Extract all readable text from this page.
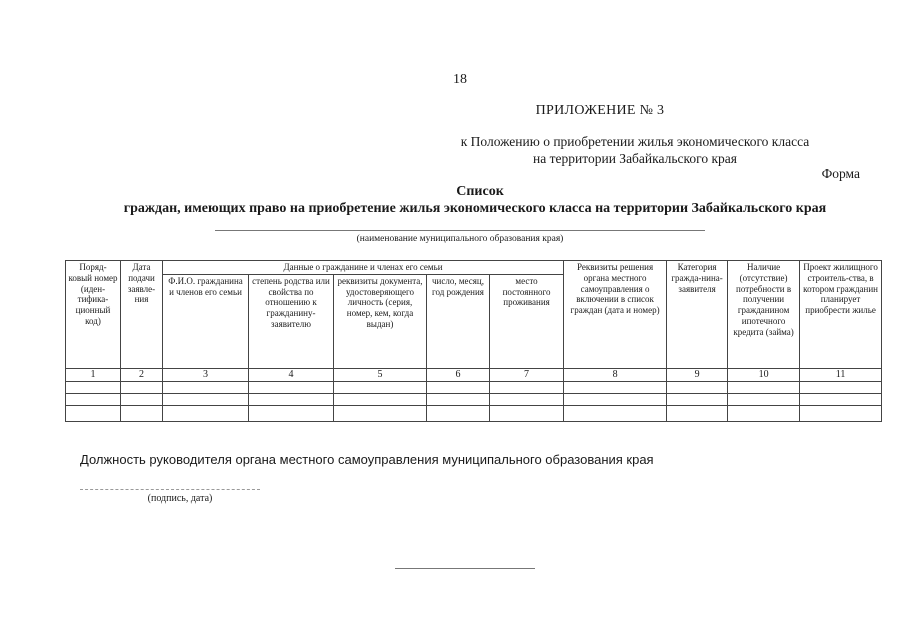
18
ПРИЛОЖЕНИЕ № 3
к Положению о приобретении жилья экономического класса
на территории Забайкальского края
Форма
Список
граждан, имеющих право на приобретение жилья экономического класса на территории Забайкальского края
(наименование муниципального образования края)
Поряд-ковый номер (иден-тифика-ционный код)	Дата подачи заявле-ния	Данные о гражданине и членах его семьи					Реквизиты решения органа местного самоуправления о включении в список граждан (дата и номер)	Категория гражда-нина-заявителя	Наличие (отсутствие) потребности в получении гражданином ипотечного кредита (займа)	Проект жилищного строитель-ства, в котором гражданин планирует приобрести жилье
		Ф.И.О. гражданина и членов его семьи	степень родства или свойства по отношению к гражданину-заявителю	реквизиты документа, удостоверяющего личность (серия, номер, кем, когда выдан)	число, месяц, год рождения	место постоянного проживания				
1	2	3	4	5	6	7	8	9	10	11

Должность руководителя органа местного самоуправления муниципального образования края
(подпись, дата)
